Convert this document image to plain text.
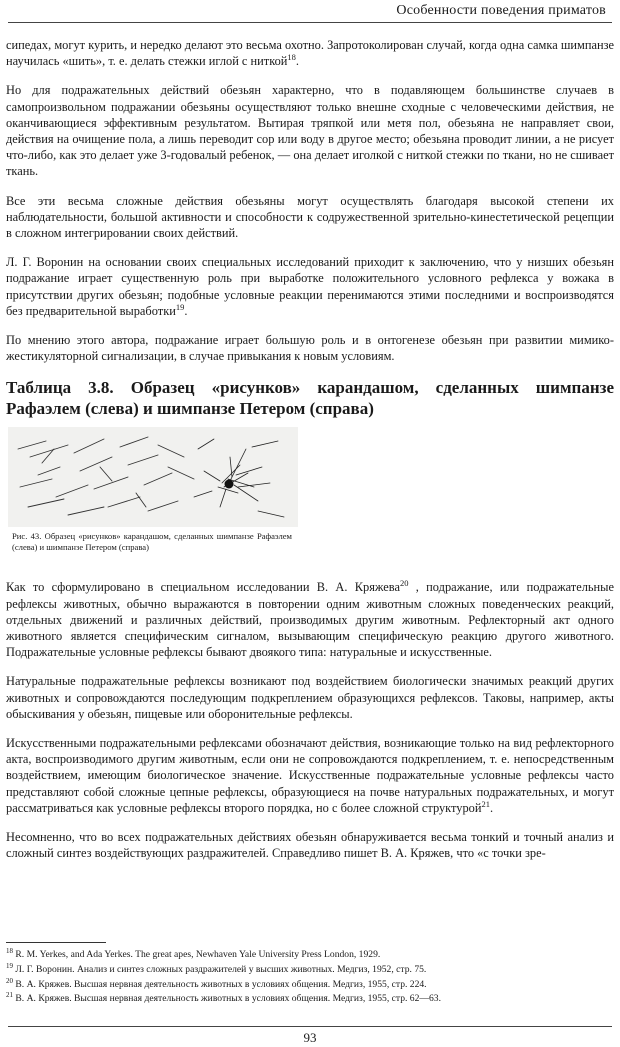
Особенности поведения приматов

сипедах, могут курить, и нередко делают это весьма охотно. Запротоколирован случай, когда одна самка шимпанзе научилась «шить», т. е. делать стежки иглой с ниткой$^{18}$.

Но для подражательных действий обезьян характерно, что в подавляющем большинстве случаев в самопроизвольном подражании обезьяны осуществляют только внешне сходные с человеческими действия, не оканчивающиеся эффективным результатом. Вытирая тряпкой или метя пол, обезьяна не направляет свои, действия на очищение пола, а лишь переводит сор или воду в другое место; обезьяна проводит линии, а не рисует что-либо, как это делает уже 3-годовалый ребенок, — она делает иголкой с ниткой стежки по ткани, но не сшивает ткань.

Все эти весьма сложные действия обезьяны могут осуществлять благодаря высокой степени их наблюдательности, большой активности и способности к содружественной зрительно-кинестетической рецепции в сложном интегрировании своих действий.

Л. Г. Воронин на основании своих специальных исследований приходит к заключению, что у низших обезьян подражание играет существенную роль при выработке положительного условного рефлекса у вожака в присутствии других обезьян; подобные условные реакции перенимаются этими последними и воспроизводятся без предварительной выработки$^{19}$.

По мнению этого автора, подражание играет большую роль и в онтогенезе обезьян при развитии мимико-жестикуляторной сигнализации, в случае привыкания к новым условиям.

Таблица 3.8. Образец «рисунков» карандашом, сделанных шимпанзе Рафаэлем (слева) и шимпанзе Петером (справа)
Рис. 43. Образец «рисунков» карандашом, сделанных шимпанзе Рафаэлем (слева) и шимпанзе Петером (справа)

Как то сформулировано в специальном исследовании В. А. Кряжева$^{20}$ , подражание, или подражательные рефлексы животных, обычно выражаются в повторении одним животным сложных поведенческих реакций, отдельных движений и различных действий, производимых другим животным. Рефлекторный акт одного животного является специфическим сигналом, вызывающим специфическую реакцию другого животного. Подражательные условные рефлексы бывают двоякого типа: натуральные и искусственные.

Натуральные подражательные рефлексы возникают под воздействием биологически значимых реакций других животных и сопровождаются последующим подкреплением образующихся рефлексов. Таковы, например, акты обыскивания у обезьян, пищевые или оборонительные рефлексы.

Искусственными подражательными рефлексами обозначают действия, возникающие только на вид рефлекторного акта, воспроизводимого другим животным, если они не сопровождаются подкреплением, т. е. непосредственным воздействием, имеющим биологическое значение. Искусственные подражательные условные рефлексы часто представляют собой сложные цепные рефлексы, образующиеся на почве натуральных подражательных, и могут рассматриваться как условные рефлексы второго порядка, но с более сложной структурой$^{21}$.

Несомненно, что во всех подражательных действиях обезьян обнаруживается весьма тонкий и точный анализ и сложный синтез воздействующих раздражителей. Справедливо пишет В. А. Кряжев, что «с точки зре-

$^{18}$ R. M. Yerkes, and Ada Yerkes. The great apes, Newhaven Yale University Press London, 1929.
$^{19}$ Л. Г. Воронин. Анализ и синтез сложных раздражителей у высших животных. Медгиз, 1952, стр. 75.
$^{20}$ В. А. Кряжев. Высшая нервная деятельность животных в условиях общения. Медгиз, 1955, стр. 224.
$^{21}$ В. А. Кряжев. Высшая нервная деятельность животных в условиях общения. Медгиз, 1955, стр. 62—63.
93
